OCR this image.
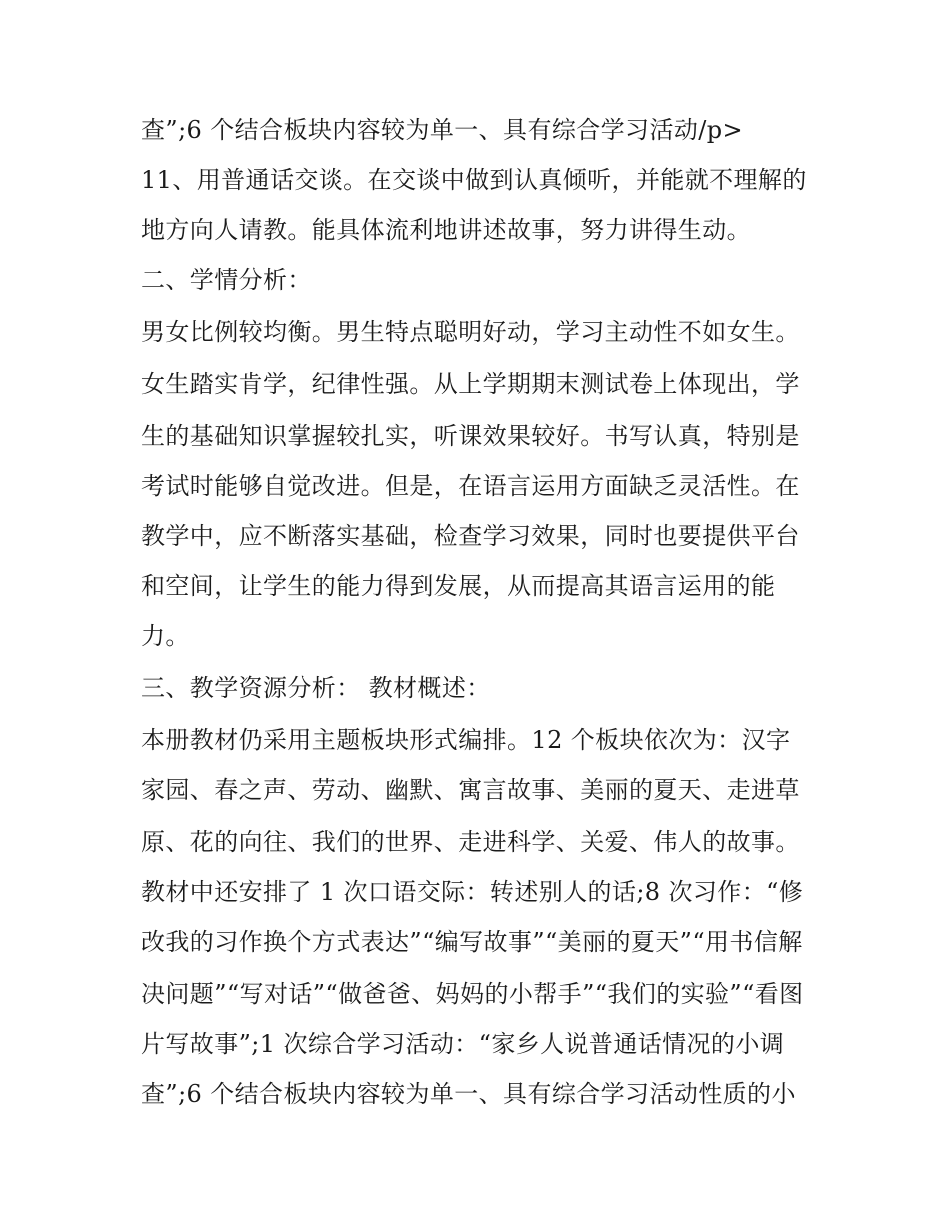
查”;6 个结合板块内容较为单一、具有综合学习活动/p>
11、用普通话交谈。在交谈中做到认真倾听，并能就不理解的
地方向人请教。能具体流利地讲述故事，努力讲得生动。
二、学情分析：
男女比例较均衡。男生特点聪明好动，学习主动性不如女生。
女生踏实肯学，纪律性强。从上学期期末测试卷上体现出，学
生的基础知识掌握较扎实，听课效果较好。书写认真，特别是
考试时能够自觉改进。但是，在语言运用方面缺乏灵活性。在
教学中，应不断落实基础，检查学习效果，同时也要提供平台
和空间，让学生的能力得到发展，从而提高其语言运用的能
力。
三、教学资源分析： 教材概述：
本册教材仍采用主题板块形式编排。12 个板块依次为：汉字
家园、春之声、劳动、幽默、寓言故事、美丽的夏天、走进草
原、花的向往、我们的世界、走进科学、关爱、伟人的故事。
教材中还安排了 1 次口语交际：转述别人的话;8 次习作：“修
改我的习作换个方式表达”“编写故事”“美丽的夏天”“用书信解
决问题”“写对话”“做爸爸、妈妈的小帮手”“我们的实验”“看图
片写故事”;1 次综合学习活动：“家乡人说普通话情况的小调
查”;6 个结合板块内容较为单一、具有综合学习活动性质的小
